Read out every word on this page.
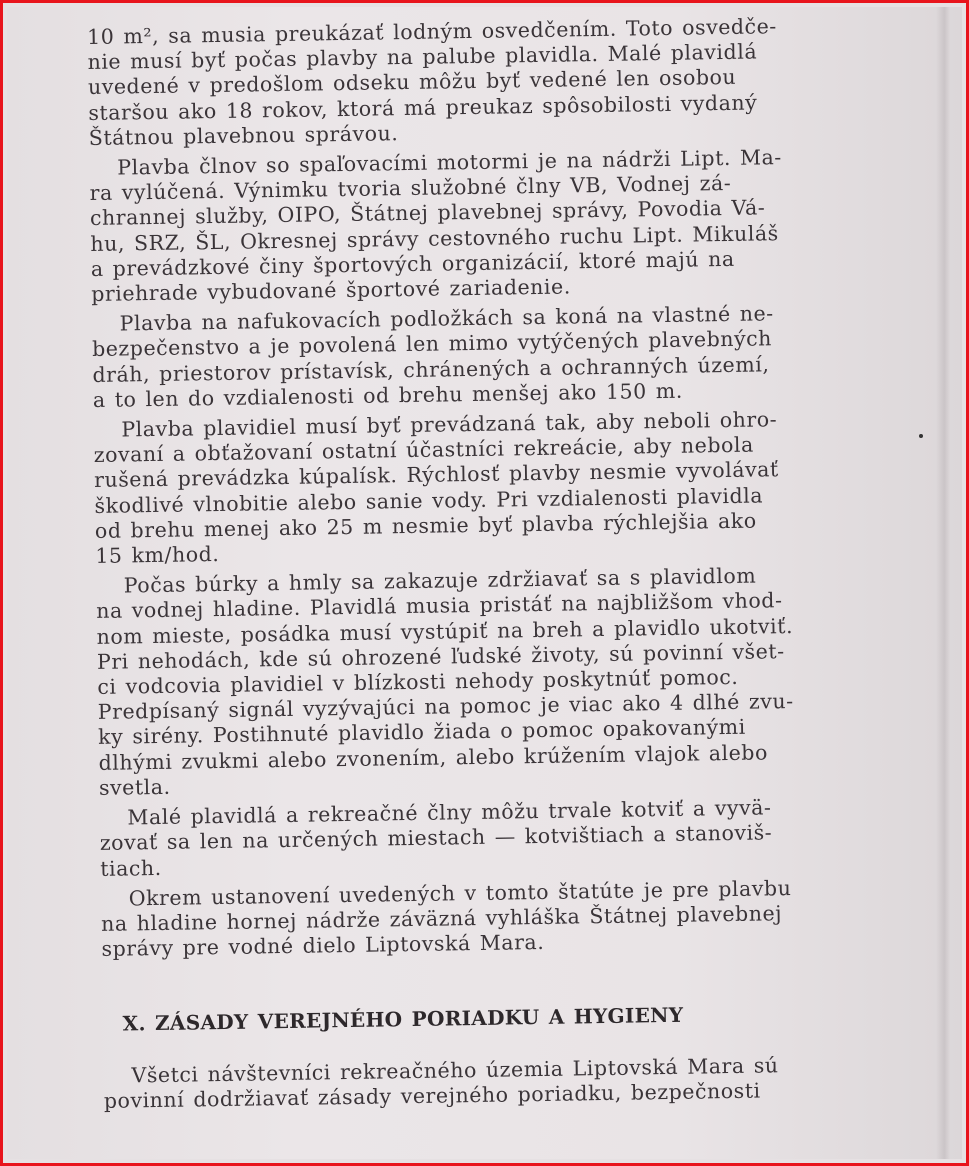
10 m², sa musia preukázať lodným osvedčením. Toto osvedče-
nie musí byť počas plavby na palube plavidla. Malé plavidlá
uvedené v predošlom odseku môžu byť vedené len osobou
staršou ako 18 rokov, ktorá má preukaz spôsobilosti vydaný
Štátnou plavebnou správou.
Plavba člnov so spaľovacími motormi je na nádrži Lipt. Ma-
ra vylúčená. Výnimku tvoria služobné člny VB, Vodnej zá-
chrannej služby, OIPO, Štátnej plavebnej správy, Povodia Vá-
hu, SRZ, ŠL, Okresnej správy cestovného ruchu Lipt. Mikuláš
a prevádzkové činy športových organizácií, ktoré majú na
priehrade vybudované športové zariadenie.
Plavba na nafukovacích podložkách sa koná na vlastné ne-
bezpečenstvo a je povolená len mimo vytýčených plavebných
dráh, priestorov prístavísk, chránených a ochranných území,
a to len do vzdialenosti od brehu menšej ako 150 m.
Plavba plavidiel musí byť prevádzaná tak, aby neboli ohro-
zovaní a obťažovaní ostatní účastníci rekreácie, aby nebola
rušená prevádzka kúpalísk. Rýchlosť plavby nesmie vyvolávať
škodlivé vlnobitie alebo sanie vody. Pri vzdialenosti plavidla
od brehu menej ako 25 m nesmie byť plavba rýchlejšia ako
15 km/hod.
Počas búrky a hmly sa zakazuje zdržiavať sa s plavidlom
na vodnej hladine. Plavidlá musia pristáť na najbližšom vhod-
nom mieste, posádka musí vystúpiť na breh a plavidlo ukotviť.
Pri nehodách, kde sú ohrozené ľudské životy, sú povinní všet-
ci vodcovia plavidiel v blízkosti nehody poskytnúť pomoc.
Predpísaný signál vyzývajúci na pomoc je viac ako 4 dlhé zvu-
ky sirény. Postihnuté plavidlo žiada o pomoc opakovanými
dlhými zvukmi alebo zvonením, alebo krúžením vlajok alebo
svetla.
Malé plavidlá a rekreačné člny môžu trvale kotviť a vyvä-
zovať sa len na určených miestach — kotvištiach a stanoviš-
tiach.
Okrem ustanovení uvedených v tomto štatúte je pre plavbu
na hladine hornej nádrže záväzná vyhláška Štátnej plavebnej
správy pre vodné dielo Liptovská Mara.
X. ZÁSADY VEREJNÉHO PORIADKU A HYGIENY
Všetci návštevníci rekreačného územia Liptovská Mara sú
povinní dodržiavať zásady verejného poriadku, bezpečnosti
